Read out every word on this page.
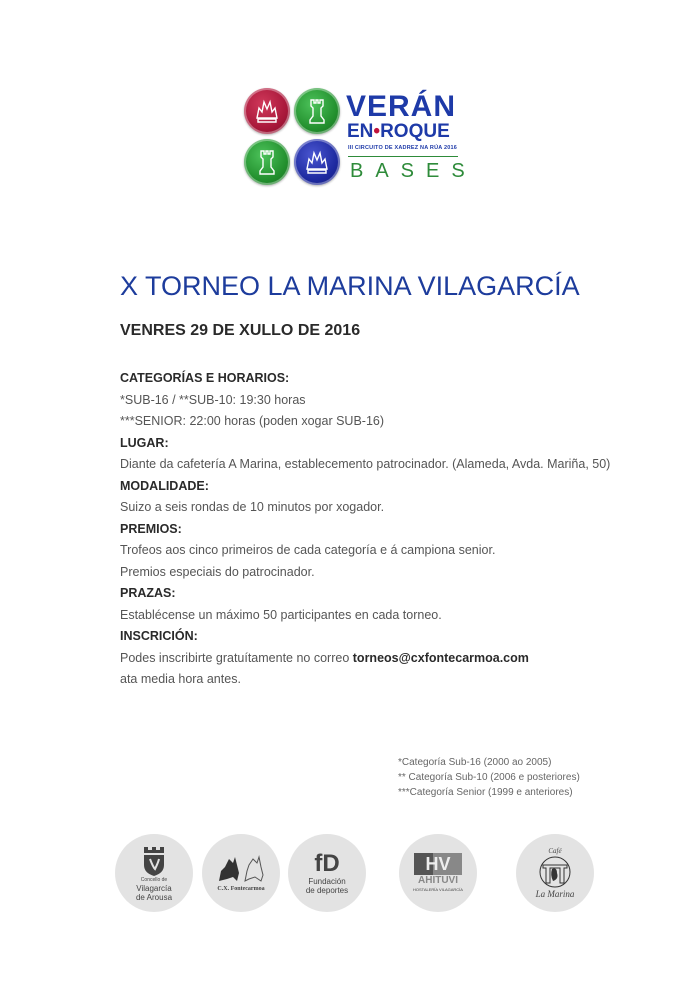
VERÁN
EN•ROQUE
III CIRCUITO DE XADREZ NA RÚA 2016
BASES
X TORNEO LA MARINA VILAGARCÍA
VENRES 29 DE XULLO DE 2016
CATEGORÍAS E HORARIOS:
*SUB-16 / **SUB-10: 19:30 horas
***SENIOR: 22:00 horas (poden xogar SUB-16)
LUGAR:
Diante da cafetería A Marina, establecemento patrocinador. (Alameda, Avda. Mariña, 50)
MODALIDADE:
Suizo a seis rondas de 10 minutos por xogador.
PREMIOS:
Trofeos aos cinco primeiros de cada categoría e á campiona senior.
Premios especiais do patrocinador.
PRAZAS:
Establécense un máximo 50 participantes en cada torneo.
INSCRICIÓN:
Podes inscribirte gratuítamente no correo torneos@cxfontecarmoa.com
ata media hora antes.
*Categoría Sub-16 (2000 ao 2005)
** Categoría Sub-10 (2006 e posteriores)
***Categoría Senior (1999 e anteriores)
Concello de
Vilagarcía
de Arousa
C.X. Fontecarmoa
fD
Fundación
de deportes
HV
AHITUVI
HOSTALERÍA VILAGARCÍA
Café
La Marina
